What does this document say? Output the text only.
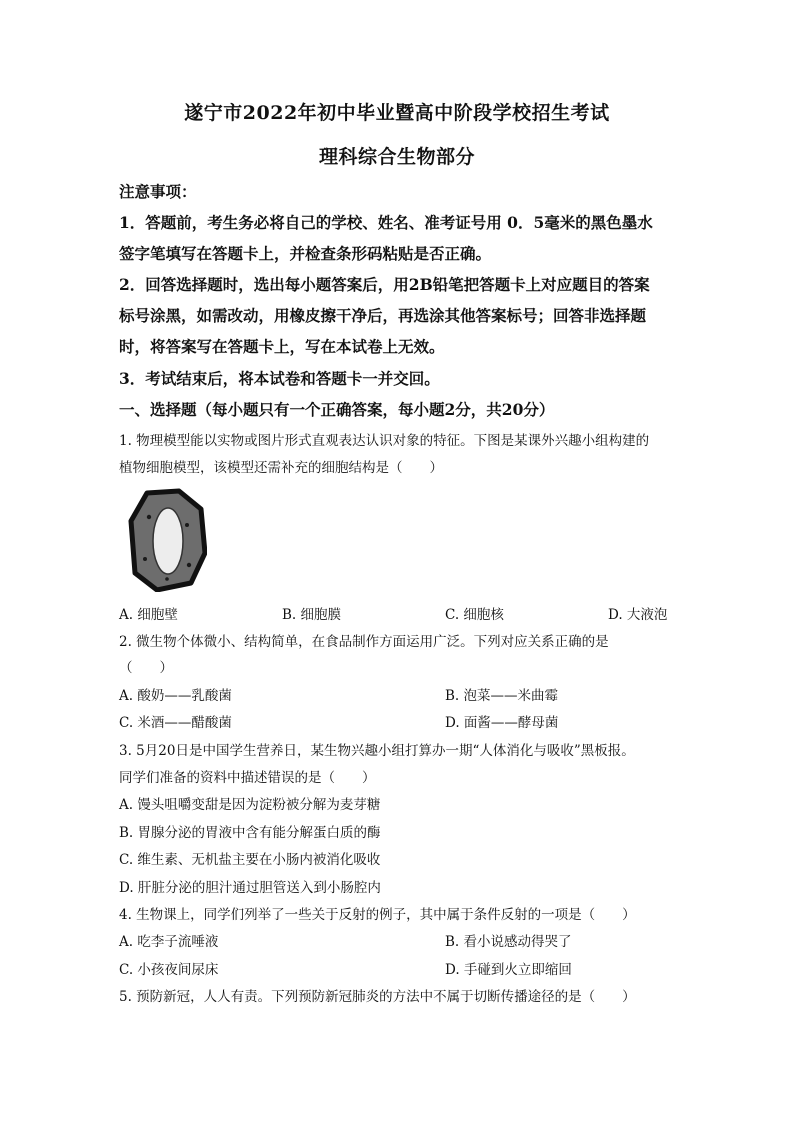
遂宁市2022年初中毕业暨高中阶段学校招生考试
理科综合生物部分
注意事项：
1．答题前，考生务必将自己的学校、姓名、准考证号用 0．5毫米的黑色墨水
签字笔填写在答题卡上，并检查条形码粘贴是否正确。
2．回答选择题时，选出每小题答案后，用2B铅笔把答题卡上对应题目的答案
标号涂黑，如需改动，用橡皮擦干净后，再选涂其他答案标号；回答非选择题
时，将答案写在答题卡上，写在本试卷上无效。
3．考试结束后，将本试卷和答题卡一并交回。
一、选择题（每小题只有一个正确答案，每小题2分，共20分）
1. 物理模型能以实物或图片形式直观表达认识对象的特征。下图是某课外兴趣小组构建的
植物细胞模型，该模型还需补充的细胞结构是（　　）
A. 细胞壁	B. 细胞膜	C. 细胞核	D. 大液泡
2. 微生物个体微小、结构简单，在食品制作方面运用广泛。下列对应关系正确的是
（　　）
A. 酸奶——乳酸菌	B. 泡菜——米曲霉
C. 米酒——醋酸菌	D. 面酱——酵母菌
3. 5月20日是中国学生营养日，某生物兴趣小组打算办一期“人体消化与吸收”黑板报。
同学们准备的资料中描述错误的是（　　）
A. 馒头咀嚼变甜是因为淀粉被分解为麦芽糖
B. 胃腺分泌的胃液中含有能分解蛋白质的酶
C. 维生素、无机盐主要在小肠内被消化吸收
D. 肝脏分泌的胆汁通过胆管送入到小肠腔内
4. 生物课上，同学们列举了一些关于反射的例子，其中属于条件反射的一项是（　　）
A. 吃李子流唾液	B. 看小说感动得哭了
C. 小孩夜间尿床	D. 手碰到火立即缩回
5. 预防新冠，人人有责。下列预防新冠肺炎的方法中不属于切断传播途径的是（　　）
